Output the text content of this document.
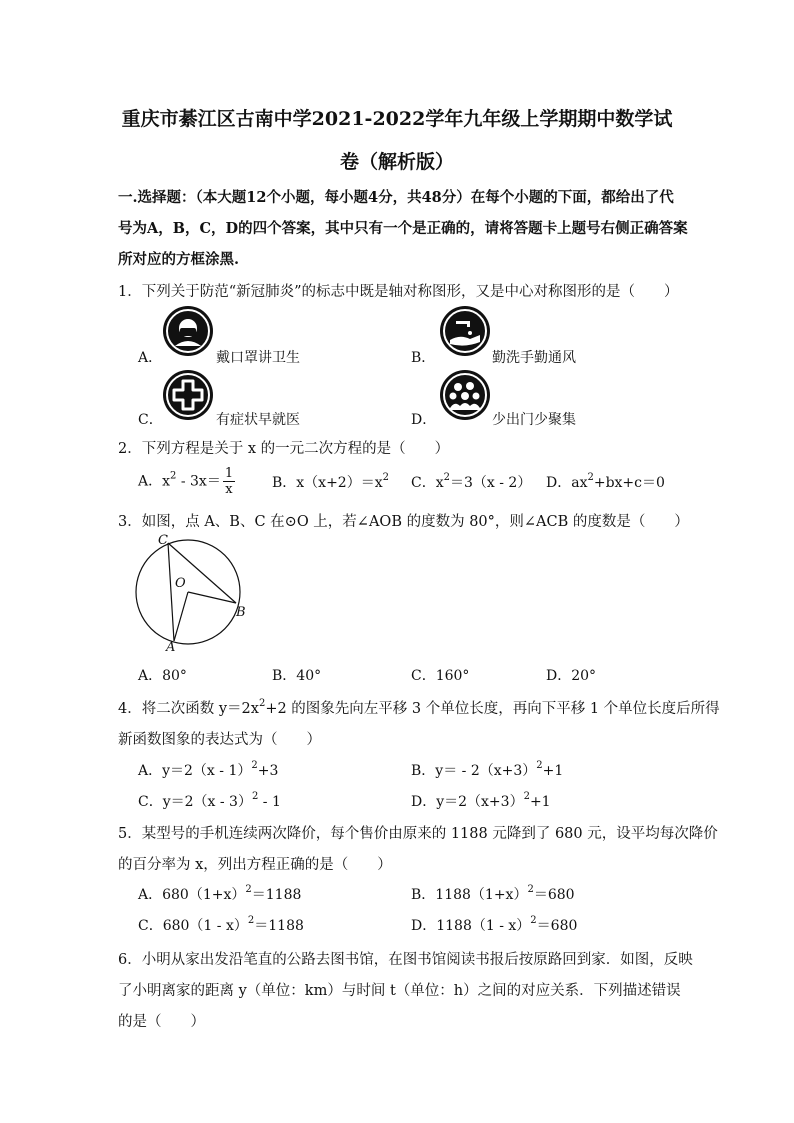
重庆市綦江区古南中学2021-2022学年九年级上学期期中数学试
卷（解析版）
一.选择题：（本大题12个小题，每小题4分，共48分）在每个小题的下面，都给出了代
号为A，B，C，D的四个答案，其中只有一个是正确的，请将答题卡上题号右侧正确答案
所对应的方框涂黑.
1．下列关于防范“新冠肺炎”的标志中既是轴对称图形，又是中心对称图形的是（　　）
A．	戴口罩讲卫生	B．	勤洗手勤通风
C．	有症状早就医	D．	少出门少聚集
2．下列方程是关于 x 的一元二次方程的是（　　）
A．$x^2 - 3x= \frac{1}{x}$	B．$x(x+2)=x^2$ C．$x^2=3(x - 2)$ D．$ax^2+bx+c=0$
3．如图，点 A、B、C 在⊙O 上，若∠AOB 的度数为 80°，则∠ACB 的度数是（　　）
C
O
B
A
A．80°	B．40°	C．160°	D．20°
4．将二次函数 $y=2x^2+2$ 的图象先向左平移 3 个单位长度，再向下平移 1 个单位长度后所得
新函数图象的表达式为（　　）
A．y＝2（x - 1）$^2$+3	B．$y= - 2(x+3)^2+1$
C．y＝2（x - 3）$^2$ - 1	D．$y=2(x+3)^2+1$
5．某型号的手机连续两次降价，每个售价由原来的 1188 元降到了 680 元，设平均每次降价
的百分率为 x，列出方程正确的是（　　）
A．$680(1+x)^2=1188$	B．$1188(1+x)^2=680$
C．680（1 - x）$^2$＝1188	D．1188（1 - x）$^2$＝680
6．小明从家出发沿笔直的公路去图书馆，在图书馆阅读书报后按原路回到家．如图，反映
了小明离家的距离 y（单位：km）与时间 t（单位：h）之间的对应关系．下列描述错误
的是（　　）
